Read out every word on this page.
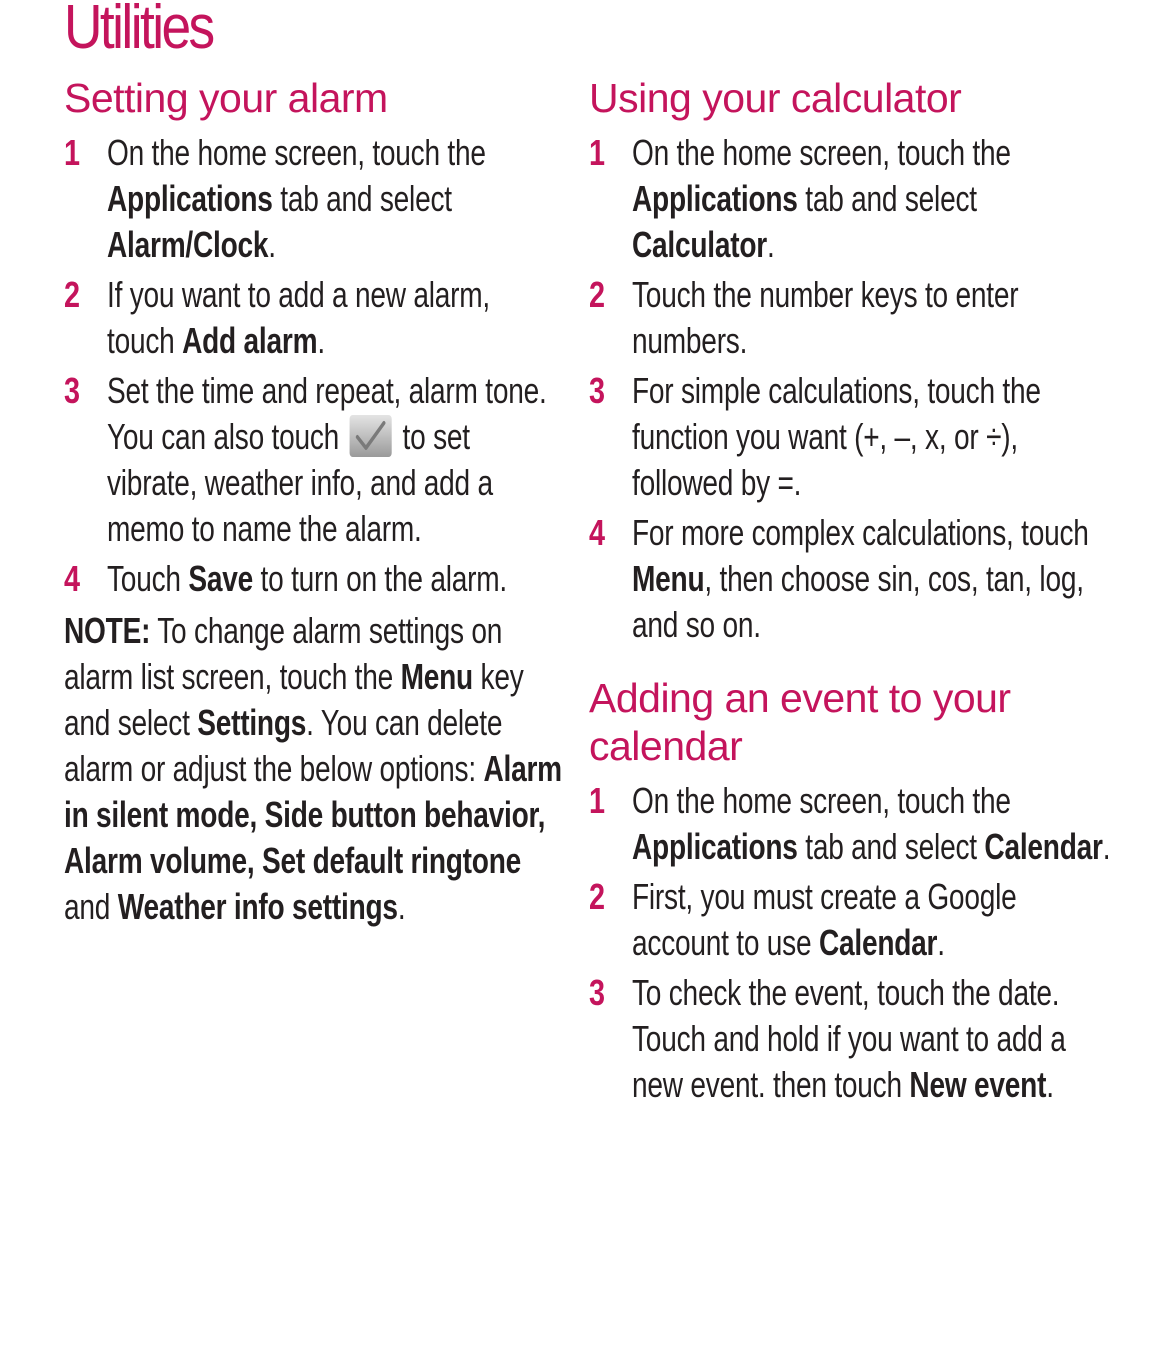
Utilities
Setting your alarm
1 On the home screen, touch the Applications tab and select Alarm/Clock.
2 If you want to add a new alarm, touch Add alarm.
3 Set the time and repeat, alarm tone. You can also touch
to set vibrate, weather info, and add a memo to name the alarm.
4 Touch Save to turn on the alarm.
NOTE: To change alarm settings on alarm list screen, touch the Menu key and select Settings. You can delete alarm or adjust the below options: Alarm in silent mode, Side button behavior, Alarm volume, Set default ringtone and Weather info settings.
Using your calculator
1 On the home screen, touch the Applications tab and select Calculator.
2 Touch the number keys to enter numbers.
3 For simple calculations, touch the function you want (+, –, x, or ÷), followed by =.
4 For more complex calculations, touch Menu, then choose sin, cos, tan, log, and so on.
Adding an event to your calendar
1 On the home screen, touch the Applications tab and select Calendar.
2 First, you must create a Google account to use Calendar.
3 To check the event, touch the date. Touch and hold if you want to add a new event. then touch New event.
